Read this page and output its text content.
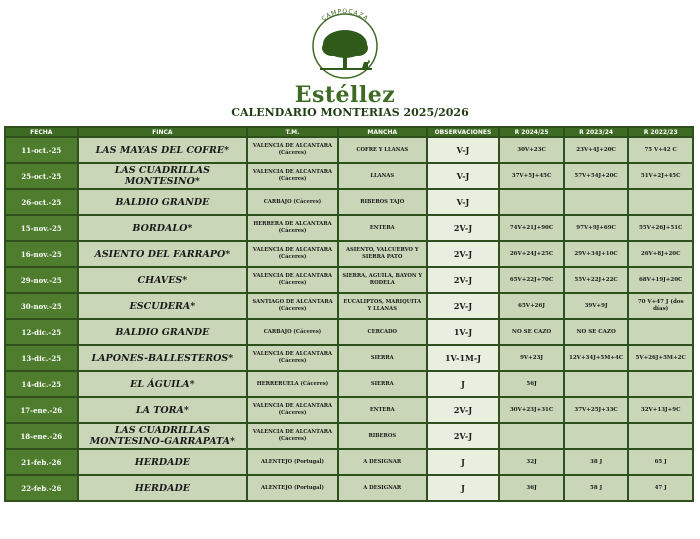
CAMPOCAZA
Estéllez
CALENDARIO MONTERIAS 2025/2026
FECHA	FINCA	T.M.	MANCHA	OBSERVACIONES	R 2024/25	R 2023/24	R 2022/23
11-oct.-25	LAS MAYAS DEL COFRE*	VALENCIA DE ALCANTARA (Cáceres)	COFRE Y LLANAS	V-J	30V+23C	23V+4J+20C	75 V+42 C
25-oct.-25	LAS CUADRILLAS MONTESINO*	VALENCIA DE ALCANTARA (Cáceres)	LLANAS	V-J	37V+5J+45C	57V+54J+20C	51V+2J+45C
26-oct.-25	BALDIO GRANDE	CARBAJO (Cáceres)	RIBEROS TAJO	V-J			
15-nov.-25	BORDALO*	HERRERA DE ALCANTARA (Cáceres)	ENTERA	2V-J	74V+21J+90C	97V+9J+69C	55V+26J+51C
16-nov.-25	ASIENTO DEL FARRAPO*	VALENCIA DE ALCANTARA (Cáceres)	ASIENTO, VALCUERVO Y SIERRA PATO	2V-J	26V+24J+25C	29V+34J+10C	26V+8J+20C
29-nov.-25	CHAVES*	VALENCIA DE ALCANTARA (Cáceres)	SIERRA, AGUILA, BAYON Y RODELA	2V-J	65V+22J+70C	55V+22J+22C	68V+19J+20C
30-nov.-25	ESCUDERA*	SANTIAGO DE ALCÁNTARA (Cáceres)	EUCALIPTOS, MARIQUITA Y LLANAS	2V-J	65V+26J	39V+9J	70 V+47 J (dos días)
12-dic.-25	BALDIO GRANDE	CARBAJO (Cáceres)	CERCADO	1V-J	NO SE CAZO	NO SE CAZO	
13-dic.-25	LAPONES-BALLESTEROS*	VALENCIA DE ALCANTARA (Cáceres)	SIERRA	1V-1M-J	9V+23J	12V+34J+5M+4C	5V+26J+5M+2C
14-dic.-25	EL ÁGUILA*	HERRERUELA (Cáceres)	SIERRA	J	56J		
17-ene.-26	LA TORA*	VALENCIA DE ALCANTARA (Cáceres)	ENTERA	2V-J	30V+23J+31C	37V+25J+33C	32V+13J+9C
18-ene.-26	LAS CUADRILLAS MONTESINO-GARRAPATA*	VALENCIA DE ALCANTARA (Cáceres)	RIBEROS	2V-J			
21-feb.-26	HERDADE	ALENTEJO (Portugal)	A DESIGNAR	J	32J	38 J	65 J
22-feb.-26	HERDADE	ALENTEJO (Portugal)	A DESIGNAR	J	36J	58 J	47 J
